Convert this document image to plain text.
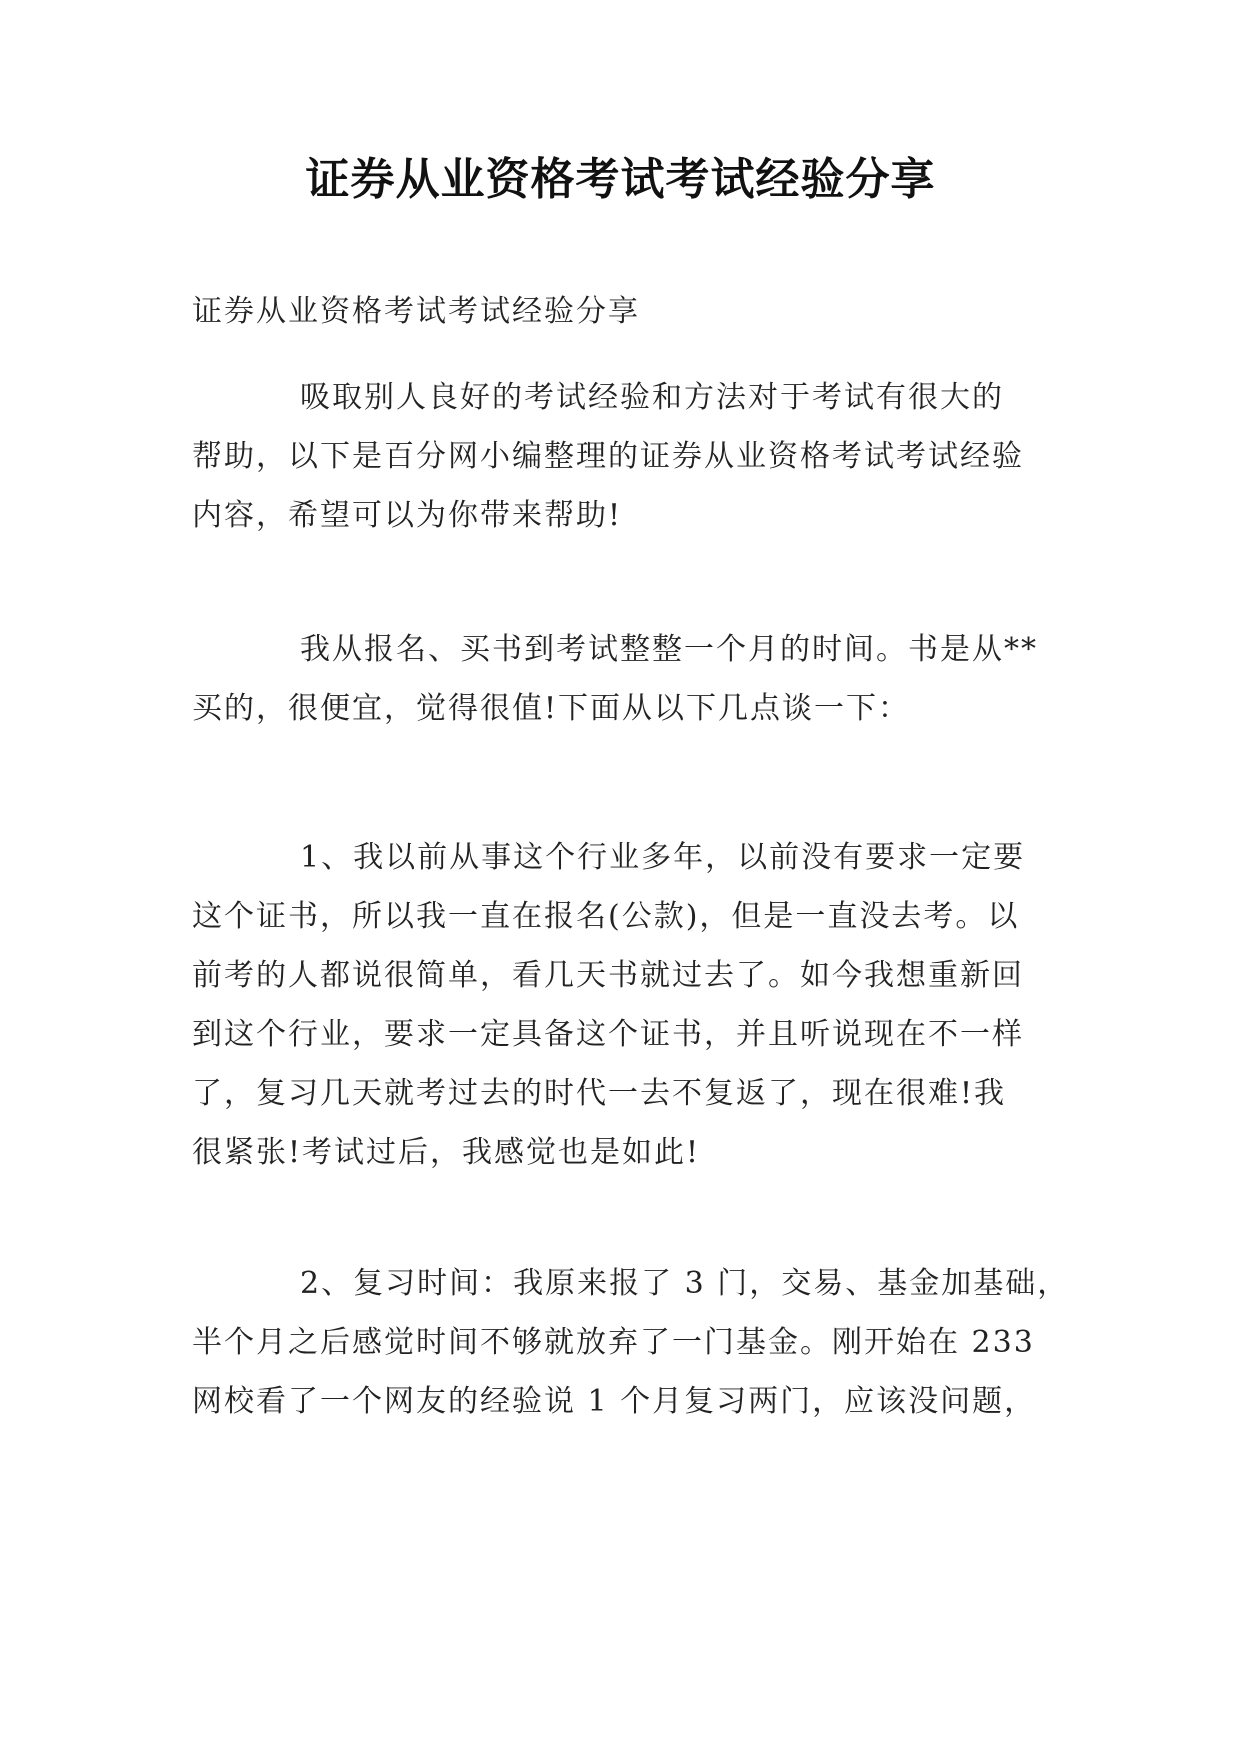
证券从业资格考试考试经验分享
证券从业资格考试考试经验分享
吸取别人良好的考试经验和方法对于考试有很大的
帮助，以下是百分网小编整理的证券从业资格考试考试经验
内容，希望可以为你带来帮助!
我从报名、买书到考试整整一个月的时间。书是从**
买的，很便宜，觉得很值!下面从以下几点谈一下：
1、我以前从事这个行业多年，以前没有要求一定要
这个证书，所以我一直在报名(公款)，但是一直没去考。以
前考的人都说很简单，看几天书就过去了。如今我想重新回
到这个行业，要求一定具备这个证书，并且听说现在不一样
了，复习几天就考过去的时代一去不复返了，现在很难!我
很紧张!考试过后，我感觉也是如此!
2、复习时间：我原来报了 3 门，交易、基金加基础，
半个月之后感觉时间不够就放弃了一门基金。刚开始在 233
网校看了一个网友的经验说 1 个月复习两门，应该没问题，
